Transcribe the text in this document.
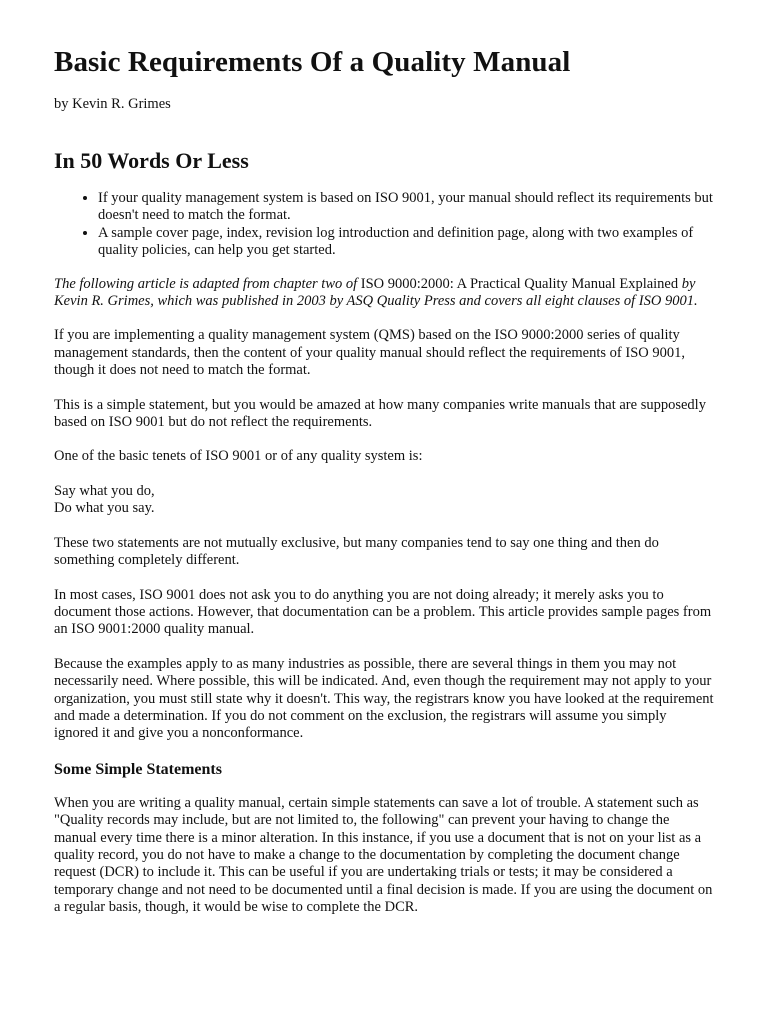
Basic Requirements Of a Quality Manual

by Kevin R. Grimes

In 50 Words Or Less
• If your quality management system is based on ISO 9001, your manual should reflect its requirements but doesn't need to match the format.
• A sample cover page, index, revision log introduction and definition page, along with two examples of quality policies, can help you get started.

The following article is adapted from chapter two of ISO 9000:2000: A Practical Quality Manual Explained by Kevin R. Grimes, which was published in 2003 by ASQ Quality Press and covers all eight clauses of ISO 9001.

If you are implementing a quality management system (QMS) based on the ISO 9000:2000 series of quality management standards, then the content of your quality manual should reflect the requirements of ISO 9001, though it does not need to match the format.

This is a simple statement, but you would be amazed at how many companies write manuals that are supposedly based on ISO 9001 but do not reflect the requirements.

One of the basic tenets of ISO 9001 or of any quality system is:

Say what you do,
Do what you say.

These two statements are not mutually exclusive, but many companies tend to say one thing and then do something completely different.

In most cases, ISO 9001 does not ask you to do anything you are not doing already; it merely asks you to document those actions. However, that documentation can be a problem. This article provides sample pages from an ISO 9001:2000 quality manual.

Because the examples apply to as many industries as possible, there are several things in them you may not necessarily need. Where possible, this will be indicated. And, even though the requirement may not apply to your organization, you must still state why it doesn't. This way, the registrars know you have looked at the requirement and made a determination. If you do not comment on the exclusion, the registrars will assume you simply ignored it and give you a nonconformance.

Some Simple Statements

When you are writing a quality manual, certain simple statements can save a lot of trouble. A statement such as "Quality records may include, but are not limited to, the following" can prevent your having to change the manual every time there is a minor alteration. In this instance, if you use a document that is not on your list as a quality record, you do not have to make a change to the documentation by completing the document change request (DCR) to include it. This can be useful if you are undertaking trials or tests; it may be considered a temporary change and not need to be documented until a final decision is made. If you are using the document on a regular basis, though, it would be wise to complete the DCR.
